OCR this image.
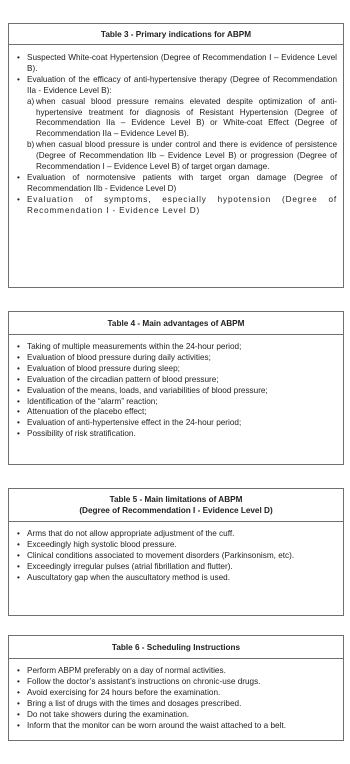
Table 3 - Primary indications for ABPM
• Suspected White-coat Hypertension (Degree of Recommendation I – Evidence Level B).
• Evaluation of the efficacy of anti-hypertensive therapy (Degree of Recommendation IIa - Evidence Level B):
a) when casual blood pressure remains elevated despite optimization of anti-hypertensive treatment for diagnosis of Resistant Hypertension (Degree of Recommendation IIa – Evidence Level B) or White-coat Effect (Degree of Recommendation IIa – Evidence Level B).
b) when casual blood pressure is under control and there is evidence of persistence (Degree of Recommendation IIb – Evidence Level B) or progression (Degree of Recommendation I – Evidence Level B) of target organ damage.
• Evaluation of normotensive patients with target organ damage (Degree of Recommendation IIb - Evidence Level D)
• Evaluation of symptoms, especially hypotension (Degree of Recommendation I - Evidence Level D)
Table 4 - Main advantages of ABPM
• Taking of multiple measurements within the 24-hour period;
• Evaluation of blood pressure during daily activities;
• Evaluation of blood pressure during sleep;
• Evaluation of the circadian pattern of blood pressure;
• Evaluation of the means, loads, and variabilities of blood pressure;
• Identification of the “alarm” reaction;
• Attenuation of the placebo effect;
• Evaluation of anti-hypertensive effect in the 24-hour period;
• Possibility of risk stratification.
Table 5 - Main limitations of ABPM
(Degree of Recommendation I - Evidence Level D)
• Arms that do not allow appropriate adjustment of the cuff.
• Exceedingly high systolic blood pressure.
• Clinical conditions associated to movement disorders (Parkinsonism, etc).
• Exceedingly irregular pulses (atrial fibrillation and flutter).
• Auscultatory gap when the auscultatory method is used.
Table 6 - Scheduling Instructions
• Perform ABPM preferably on a day of normal activities.
• Follow the doctor’s assistant’s instructions on chronic-use drugs.
• Avoid exercising for 24 hours before the examination.
• Bring a list of drugs with the times and dosages prescribed.
• Do not take showers during the examination.
• Inform that the monitor can be worn around the waist attached to a belt.
